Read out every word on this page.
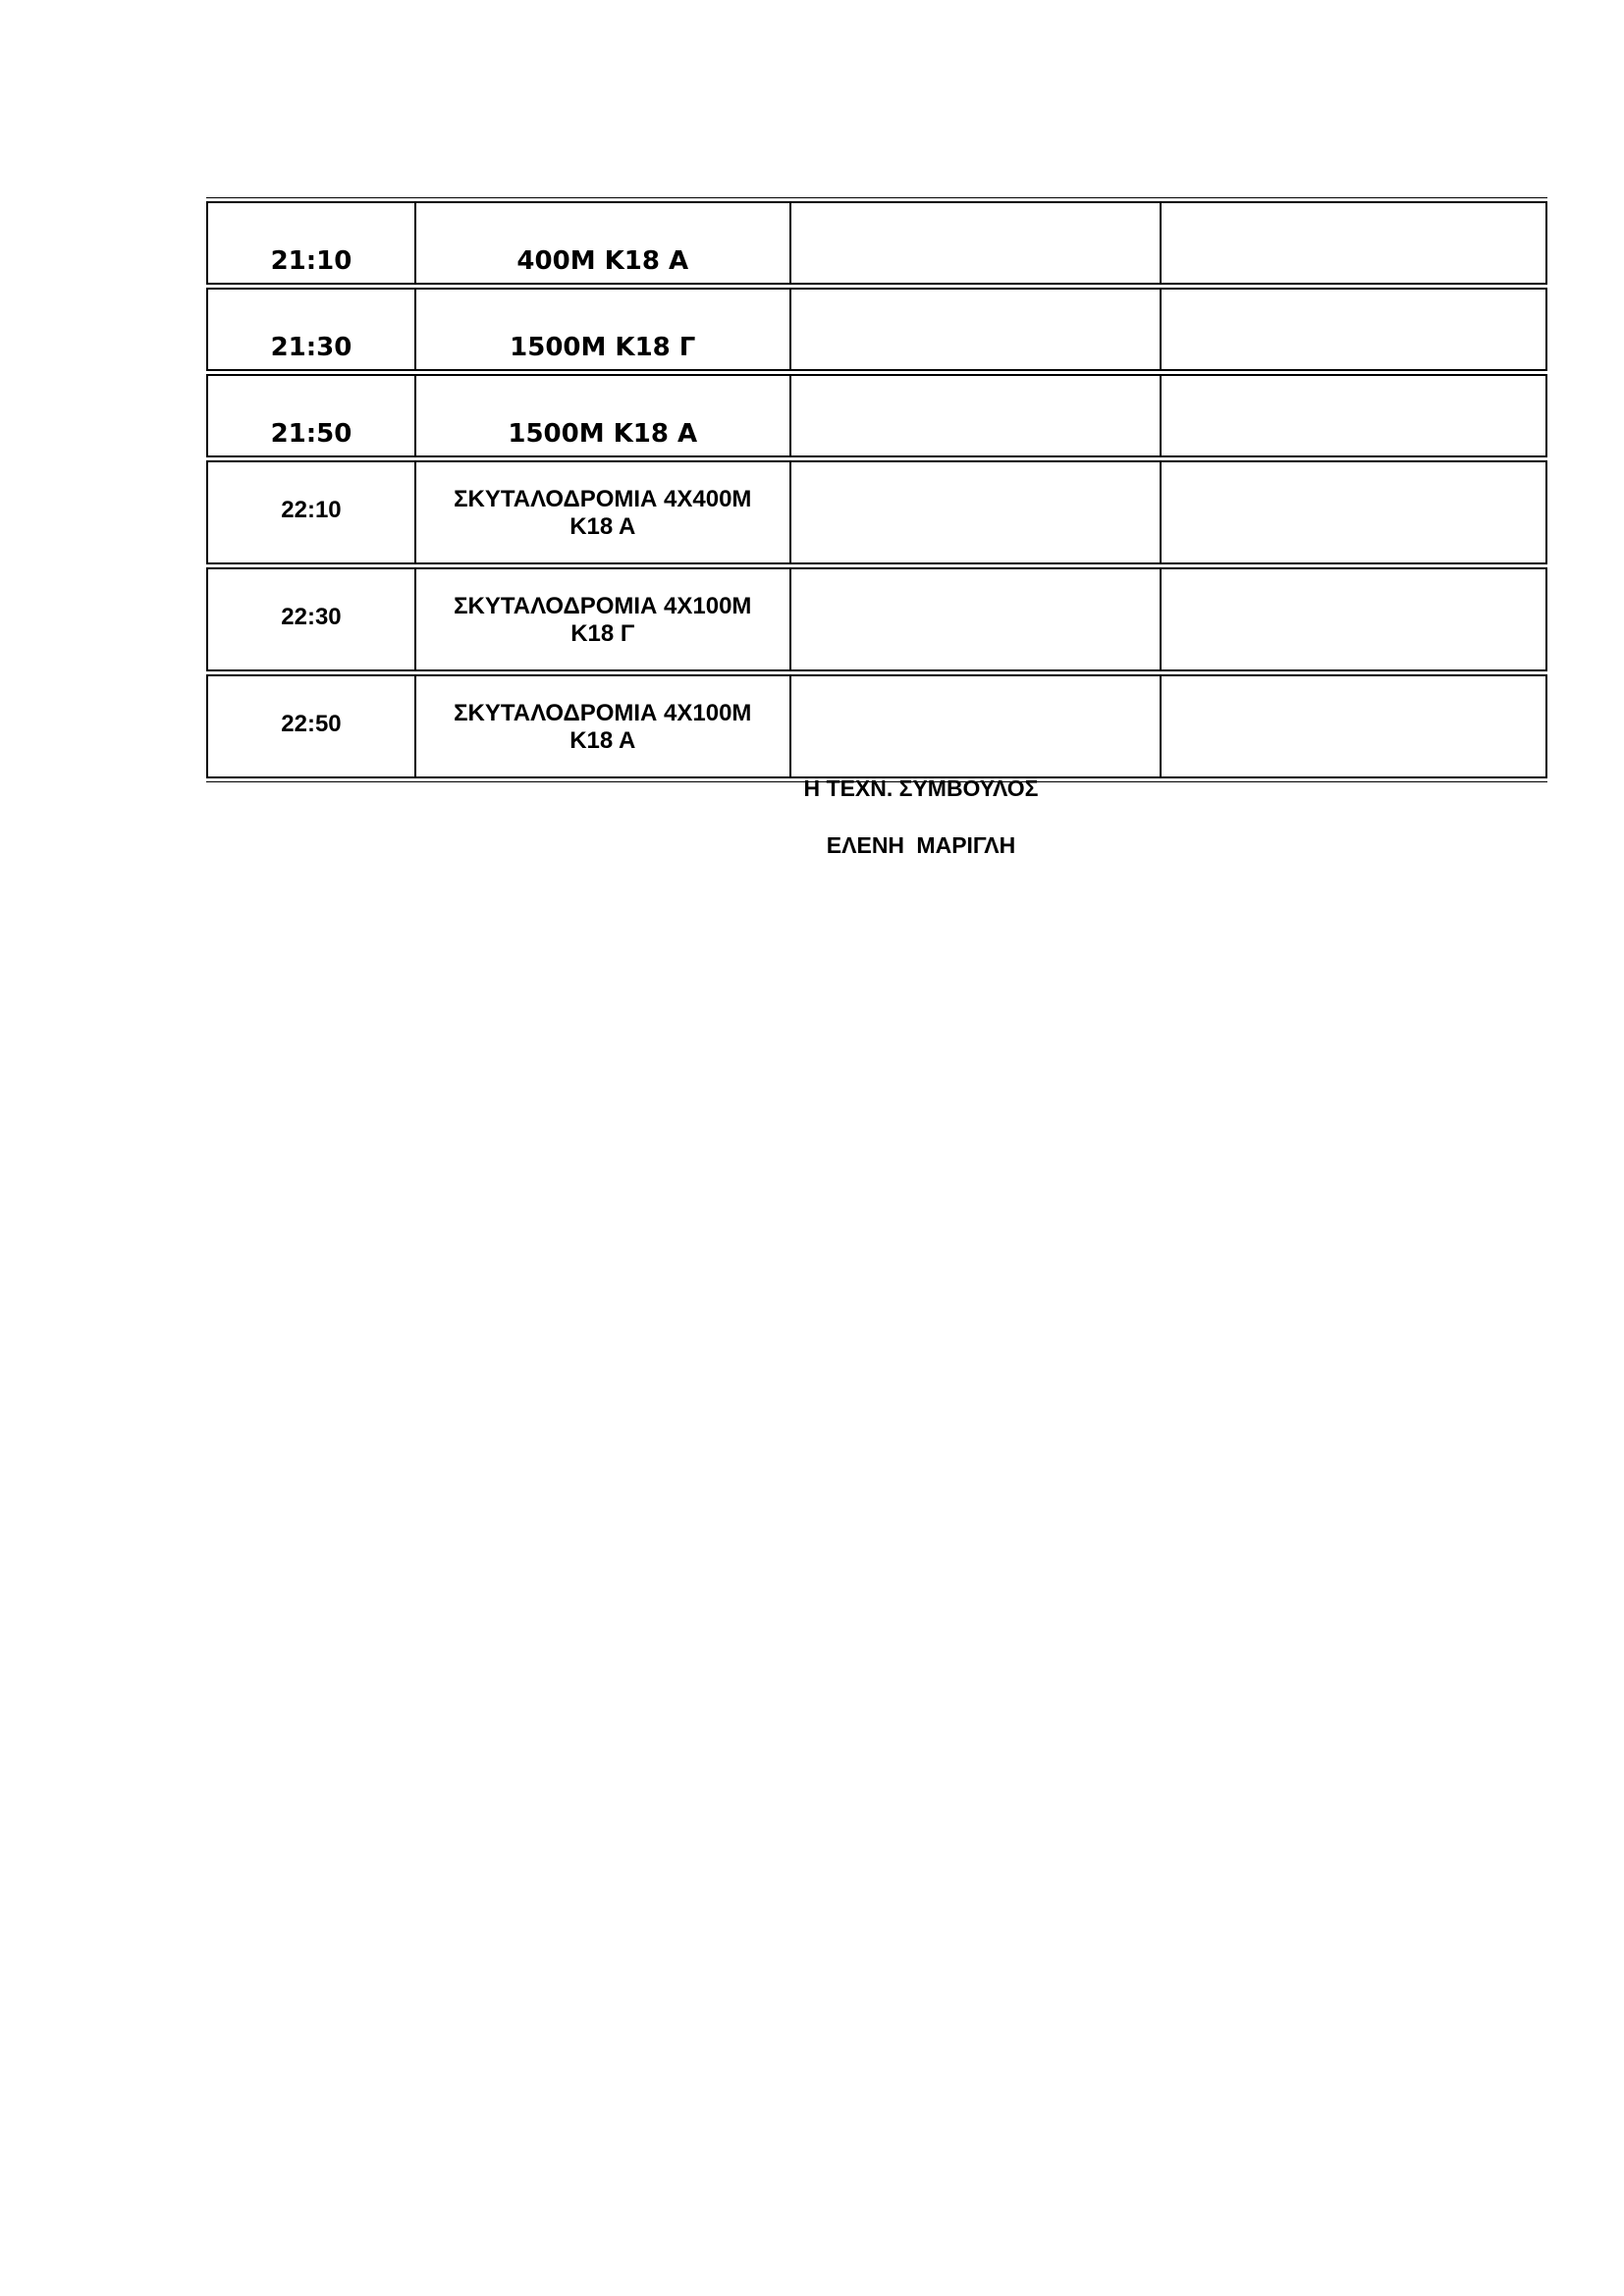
21:10	400M K18 A		
21:30	1500M K18 Γ		
21:50	1500M K18 A		
22:10	ΣΚΥΤΑΛΟΔΡΟΜΙΑ 4Χ400Μ
Κ18 Α		

22:30	ΣΚΥΤΑΛΟΔΡΟΜΙΑ 4Χ100Μ
Κ18 Γ		

22:50	ΣΚΥΤΑΛΟΔΡΟΜΙΑ 4Χ100Μ
Κ18 Α		

Η ΤΕΧΝ. ΣΥΜΒΟΥΛΟΣ
ΕΛΕΝΗ ΜΑΡΙΓΛΗ
